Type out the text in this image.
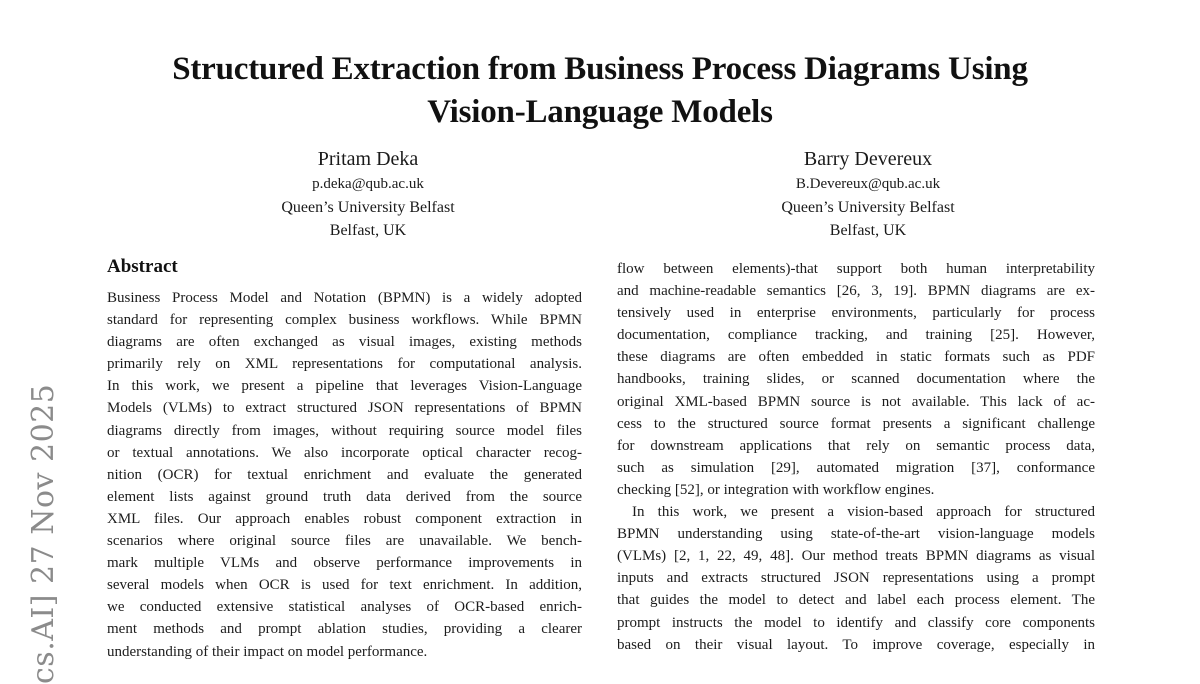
cs.AI] 27 Nov 2025
Structured Extraction from Business Process Diagrams Using
Vision-Language Models
Pritam Deka
p.deka@qub.ac.uk
Queen’s University Belfast
Belfast, UK
Barry Devereux
B.Devereux@qub.ac.uk
Queen’s University Belfast
Belfast, UK
Abstract
Business Process Model and Notation (BPMN) is a widely adopted
standard for representing complex business workflows. While BPMN
diagrams are often exchanged as visual images, existing methods
primarily rely on XML representations for computational analysis.
In this work, we present a pipeline that leverages Vision-Language
Models (VLMs) to extract structured JSON representations of BPMN
diagrams directly from images, without requiring source model files
or textual annotations. We also incorporate optical character recog-
nition (OCR) for textual enrichment and evaluate the generated
element lists against ground truth data derived from the source
XML files. Our approach enables robust component extraction in
scenarios where original source files are unavailable. We bench-
mark multiple VLMs and observe performance improvements in
several models when OCR is used for text enrichment. In addition,
we conducted extensive statistical analyses of OCR-based enrich-
ment methods and prompt ablation studies, providing a clearer
understanding of their impact on model performance.
flow between elements)-that support both human interpretability
and machine-readable semantics [26, 3, 19]. BPMN diagrams are ex-
tensively used in enterprise environments, particularly for process
documentation, compliance tracking, and training [25]. However,
these diagrams are often embedded in static formats such as PDF
handbooks, training slides, or scanned documentation where the
original XML-based BPMN source is not available. This lack of ac-
cess to the structured source format presents a significant challenge
for downstream applications that rely on semantic process data,
such as simulation [29], automated migration [37], conformance
checking [52], or integration with workflow engines.
In this work, we present a vision-based approach for structured
BPMN understanding using state-of-the-art vision-language models
(VLMs) [2, 1, 22, 49, 48]. Our method treats BPMN diagrams as visual
inputs and extracts structured JSON representations using a prompt
that guides the model to detect and label each process element. The
prompt instructs the model to identify and classify core components
based on their visual layout. To improve coverage, especially in
